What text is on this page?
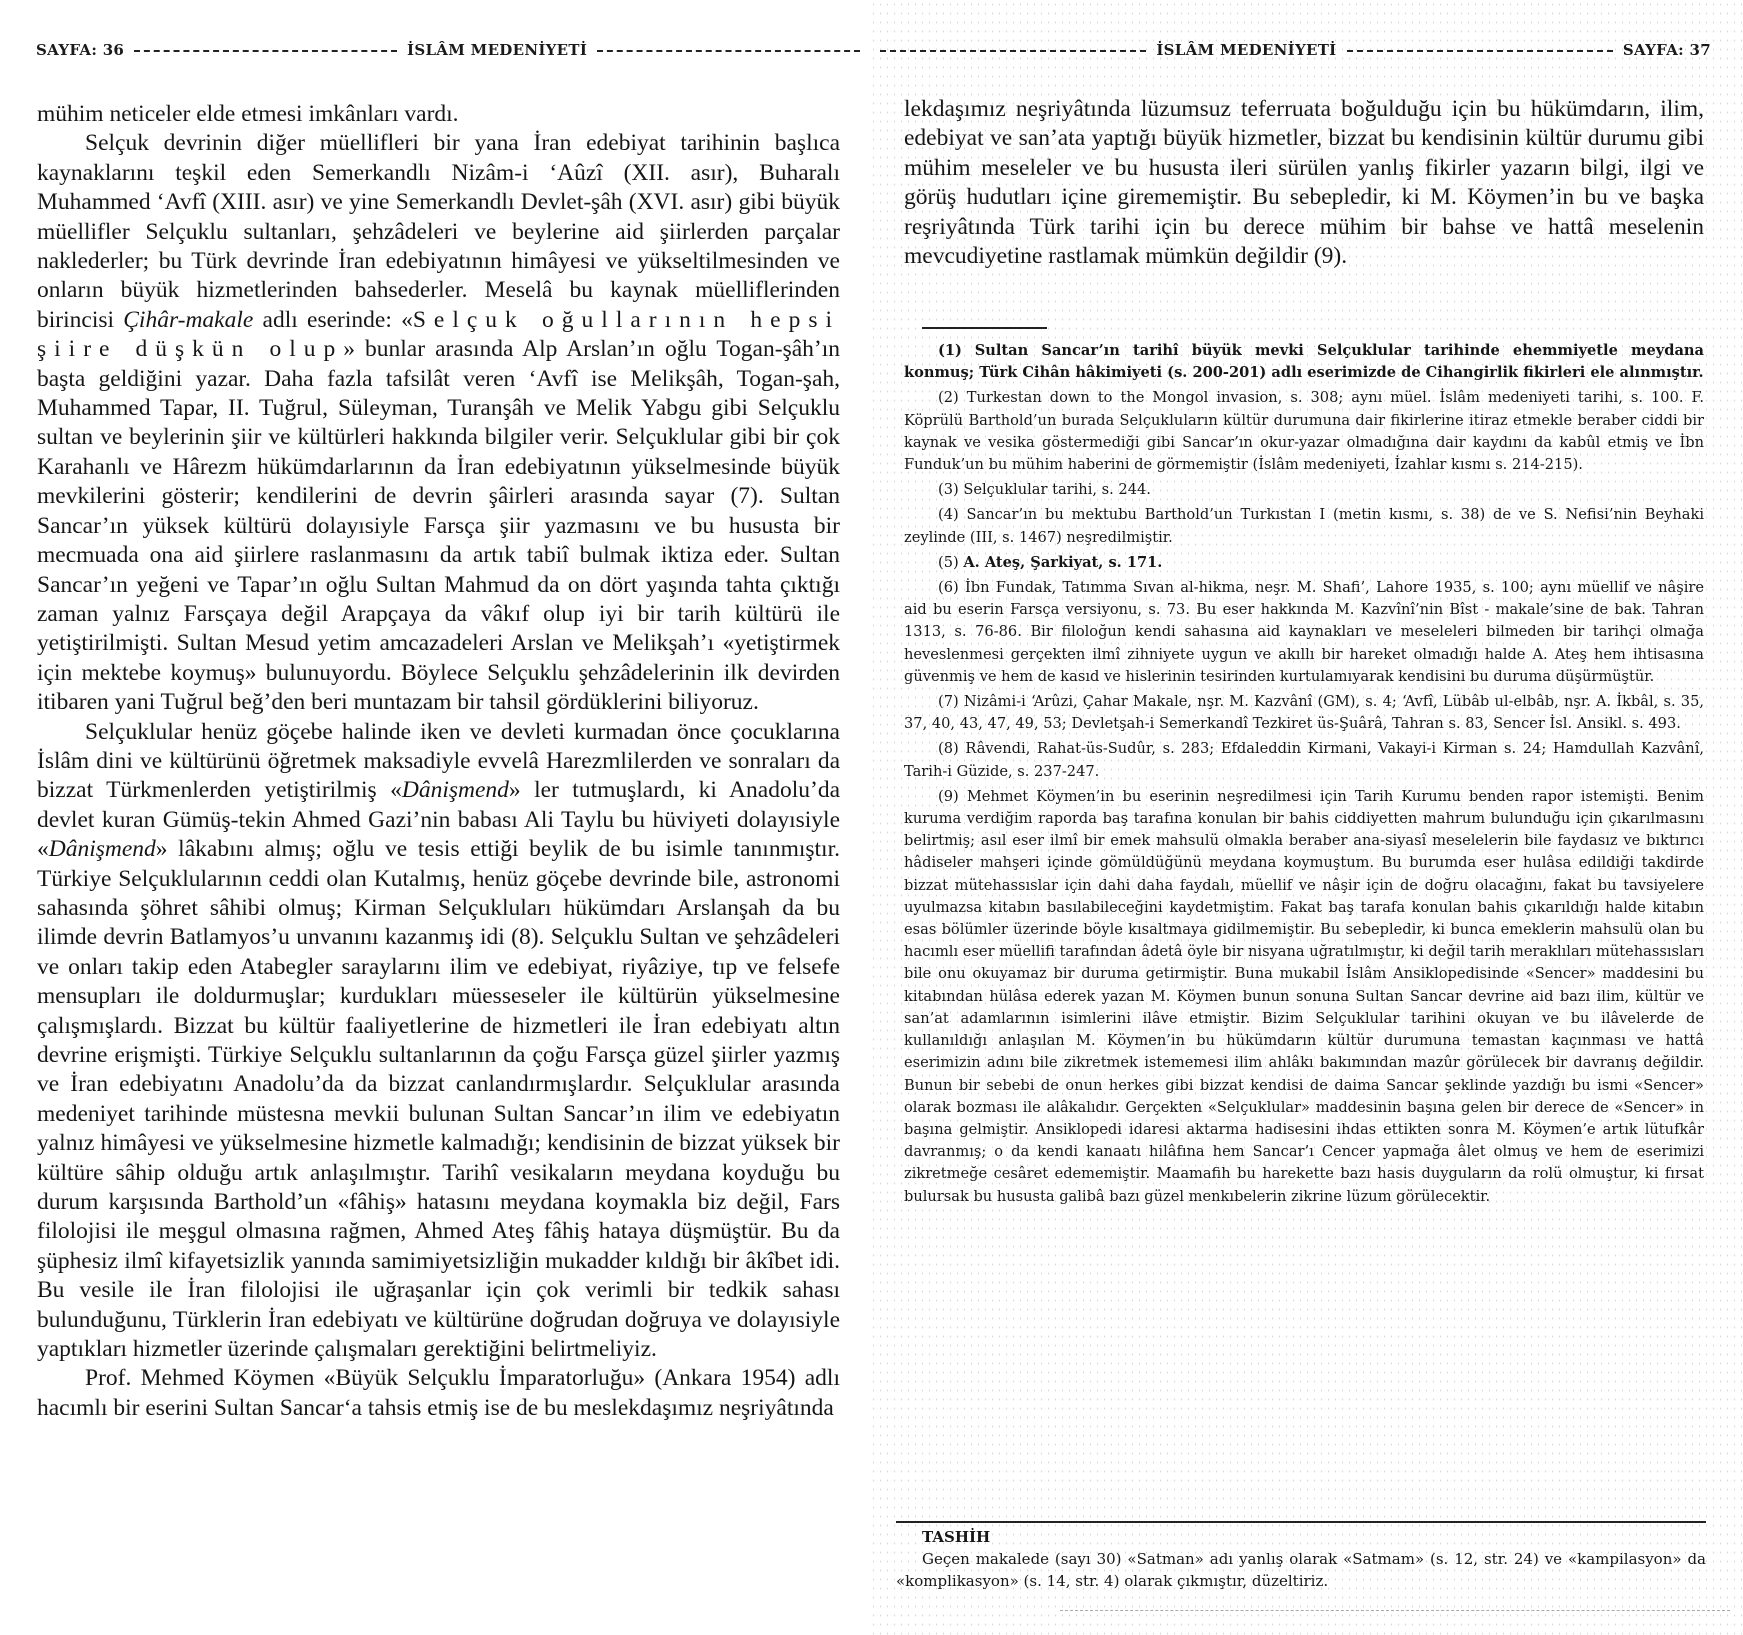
SAYFA: 36	İSLÂM MEDENİYETİ

mühim neticeler elde etmesi imkânları vardı.

Selçuk devrinin diğer müellifleri bir yana İran edebiyat tarihinin başlıca kaynaklarını teşkil eden Semerkandlı Nizâm-i ‘Aûzî (XII. asır), Buharalı Muhammed ‘Avfî (XIII. asır) ve yine Semerkandlı Devlet-şâh (XVI. asır) gibi büyük müellifler Selçuklu sultanları, şehzâdeleri ve beylerine aid şiirlerden parçalar naklederler; bu Türk devrinde İran edebiyatının himâyesi ve yükseltilmesinden ve onların büyük hizmetlerinden bahsederler. Meselâ bu kaynak müelliflerinden birincisi Çihâr-makale adlı eserinde: «Selçuk oğullarının hepsi şiire düşkün olup» bunlar arasında Alp Arslan’ın oğlu Togan-şâh’ın başta geldiğini yazar. Daha fazla tafsilât veren ‘Avfî ise Melikşâh, Togan-şah, Muhammed Tapar, II. Tuğrul, Süleyman, Turanşâh ve Melik Yabgu gibi Selçuklu sultan ve beylerinin şiir ve kültürleri hakkında bilgiler verir. Selçuklular gibi bir çok Karahanlı ve Hârezm hükümdarlarının da İran edebiyatının yükselmesinde büyük mevkilerini gösterir; kendilerini de devrin şâirleri arasında sayar (7). Sultan Sancar’ın yüksek kültürü dolayısiyle Farsça şiir yazmasını ve bu hususta bir mecmuada ona aid şiirlere raslanmasını da artık tabiî bulmak iktiza eder. Sultan Sancar’ın yeğeni ve Tapar’ın oğlu Sultan Mahmud da on dört yaşında tahta çıktığı zaman yalnız Farsçaya değil Arapçaya da vâkıf olup iyi bir tarih kültürü ile yetiştirilmişti. Sultan Mesud yetim amcazadeleri Arslan ve Melikşah’ı «yetiştirmek için mektebe koymuş» bulunuyordu. Böylece Selçuklu şehzâdelerinin ilk devirden itibaren yani Tuğrul beğ’den beri muntazam bir tahsil gördüklerini biliyoruz.

Selçuklular henüz göçebe halinde iken ve devleti kurmadan önce çocuklarına İslâm dini ve kültürünü öğretmek maksadiyle evvelâ Harezmlilerden ve sonraları da bizzat Türkmenlerden yetiştirilmiş «Dânişmend» ler tutmuşlardı, ki Anadolu’da devlet kuran Gümüş-tekin Ahmed Gazi’nin babası Ali Taylu bu hüviyeti dolayısiyle «Dânişmend» lâkabını almış; oğlu ve tesis ettiği beylik de bu isimle tanınmıştır. Türkiye Selçuklularının ceddi olan Kutalmış, henüz göçebe devrinde bile, astronomi sahasında şöhret sâhibi olmuş; Kirman Selçukluları hükümdarı Arslanşah da bu ilimde devrin Batlamyos’u unvanını kazanmış idi (8). Selçuklu Sultan ve şehzâdeleri ve onları takip eden Atabegler saraylarını ilim ve edebiyat, riyâziye, tıp ve felsefe mensupları ile doldurmuşlar; kurdukları müesseseler ile kültürün yükselmesine çalışmışlardı. Bizzat bu kültür faaliyetlerine de hizmetleri ile İran edebiyatı altın devrine erişmişti. Türkiye Selçuklu sultanlarının da çoğu Farsça güzel şiirler yazmış ve İran edebiyatını Anadolu’da da bizzat canlandırmışlardır. Selçuklular arasında medeniyet tarihinde müstesna mevkii bulunan Sultan Sancar’ın ilim ve edebiyatın yalnız himâyesi ve yükselmesine hizmetle kalmadığı; kendisinin de bizzat yüksek bir kültüre sâhip olduğu artık anlaşılmıştır. Tarihî vesikaların meydana koyduğu bu durum karşısında Barthold’un «fâhiş» hatasını meydana koymakla biz değil, Fars filolojisi ile meşgul olmasına rağmen, Ahmed Ateş fâhiş hataya düşmüştür. Bu da şüphesiz ilmî kifayetsizlik yanında samimiyetsizliğin mukadder kıldığı bir âkîbet idi. Bu vesile ile İran filolojisi ile uğraşanlar için çok verimli bir tedkik sahası bulunduğunu, Türklerin İran edebiyatı ve kültürüne doğrudan doğruya ve dolayısiyle yaptıkları hizmetler üzerinde çalışmaları gerektiğini belirtmeliyiz.

Prof. Mehmed Köymen «Büyük Selçuklu İmparatorluğu» (Ankara 1954) adlı hacımlı bir eserini Sultan Sancar‘a tahsis etmiş ise de bu meslekdaşımız neşriyâtında

İSLÂM MEDENİYETİ	SAYFA: 37

lekdaşımız neşriyâtında lüzumsuz teferruata boğulduğu için bu hükümdarın, ilim, edebiyat ve san’ata yaptığı büyük hizmetler, bizzat bu kendisinin kültür durumu gibi mühim meseleler ve bu hususta ileri sürülen yanlış fikirler yazarın bilgi, ilgi ve görüş hudutları içine girememiştir. Bu sebepledir, ki M. Köymen’in bu ve başka reşriyâtında Türk tarihi için bu derece mühim bir bahse ve hattâ meselenin mevcudiyetine rastlamak mümkün değildir (9).

(1) Sultan Sancar’ın tarihî büyük mevki Selçuklular tarihinde ehemmiyetle meydana konmuş; Türk Cihân hâkimiyeti (s. 200-201) adlı eserimizde de Cihangirlik fikirleri ele alınmıştır.

(2) Turkestan down to the Mongol invasion, s. 308; aynı müel. İslâm medeniyeti tarihi, s. 100. F. Köprülü Barthold’un burada Selçukluların kültür durumuna dair fikirlerine itiraz etmekle beraber ciddi bir kaynak ve vesika göstermediği gibi Sancar’ın okur-yazar olmadığına dair kaydını da kabûl etmiş ve İbn Funduk’un bu mühim haberini de görmemiştir (İslâm medeniyeti, İzahlar kısmı s. 214-215).

(3) Selçuklular tarihi, s. 244.

(4) Sancar’ın bu mektubu Barthold’un Turkıstan I (metin kısmı, s. 38) de ve S. Nefisi’nin Beyhaki zeylinde (III, s. 1467) neşredilmiştir.

(5) A. Ateş, Şarkiyat, s. 171.

(6) İbn Fundak, Tatımma Sıvan al-hikma, neşr. M. Shafi’, Lahore 1935, s. 100; aynı müellif ve nâşire aid bu eserin Farsça versiyonu, s. 73. Bu eser hakkında M. Kazvînî’nin Bîst - makale’sine de bak. Tahran 1313, s. 76-86. Bir filoloğun kendi sahasına aid kaynakları ve meseleleri bilmeden bir tarihçi olmağa heveslenmesi gerçekten ilmî zihniyete uygun ve akıllı bir hareket olmadığı halde A. Ateş hem ihtisasına güvenmiş ve hem de kasıd ve hislerinin tesirinden kurtulamıyarak kendisini bu duruma düşürmüştür.

(7) Nizâmi-i ‘Arûzi, Çahar Makale, nşr. M. Kazvânî (GM), s. 4; ‘Avfî, Lübâb ul-elbâb, nşr. A. İkbâl, s. 35, 37, 40, 43, 47, 49, 53; Devletşah-i Semerkandî Tezkiret üs-Şuârâ, Tahran s. 83, Sencer İsl. Ansikl. s. 493.

(8) Râvendi, Rahat-üs-Sudûr, s. 283; Efdaleddin Kirmani, Vakayi-i Kirman s. 24; Hamdullah Kazvânî, Tarih-i Güzide, s. 237-247.

(9) Mehmet Köymen’in bu eserinin neşredilmesi için Tarih Kurumu benden rapor istemişti. Benim kuruma verdiğim raporda baş tarafına konulan bir bahis ciddiyetten mahrum bulunduğu için çıkarılmasını belirtmiş; asıl eser ilmî bir emek mahsulü olmakla beraber ana-siyasî meselelerin bile faydasız ve bıktırıcı hâdiseler mahşeri içinde gömüldüğünü meydana koymuştum. Bu burumda eser hulâsa edildiği takdirde bizzat mütehassıslar için dahi daha faydalı, müellif ve nâşir için de doğru olacağını, fakat bu tavsiyelere uyulmazsa kitabın basılabileceğini kaydetmiştim. Fakat baş tarafa konulan bahis çıkarıldığı halde kitabın esas bölümler üzerinde böyle kısaltmaya gidilmemiştir. Bu sebepledir, ki bunca emeklerin mahsulü olan bu hacımlı eser müellifi tarafından âdetâ öyle bir nisyana uğratılmıştır, ki değil tarih meraklıları mütehassısları bile onu okuyamaz bir duruma getirmiştir. Buna mukabil İslâm Ansiklopedisinde «Sencer» maddesini bu kitabından hülâsa ederek yazan M. Köymen bunun sonuna Sultan Sancar devrine aid bazı ilim, kültür ve san’at adamlarının isimlerini ilâve etmiştir. Bizim Selçuklular tarihini okuyan ve bu ilâvelerde de kullanıldığı anlaşılan M. Köymen’in bu hükümdarın kültür durumuna temastan kaçınması ve hattâ eserimizin adını bile zikretmek istememesi ilim ahlâkı bakımından mazûr görülecek bir davranış değildir. Bunun bir sebebi de onun herkes gibi bizzat kendisi de daima Sancar şeklinde yazdığı bu ismi «Sencer» olarak bozması ile alâkalıdır. Gerçekten «Selçuklular» maddesinin başına gelen bir derece de «Sencer» in başına gelmiştir. Ansiklopedi idaresi aktarma hadisesini ihdas ettikten sonra M. Köymen’e artık lütufkâr davranmış; o da kendi kanaatı hilâfına hem Sancar’ı Cencer yapmağa âlet olmuş ve hem de eserimizi zikretmeğe cesâret edememiştir. Maamafih bu harekette bazı hasis duyguların da rolü olmuştur, ki fırsat bulursak bu hususta galibâ bazı güzel menkıbelerin zikrine lüzum görülecektir.

TASHİH

Geçen makalede (sayı 30) «Satman» adı yanlış olarak «Satmam» (s. 12, str. 24) ve «kampilasyon» da «komplikasyon» (s. 14, str. 4) olarak çıkmıştır, düzeltiriz.
